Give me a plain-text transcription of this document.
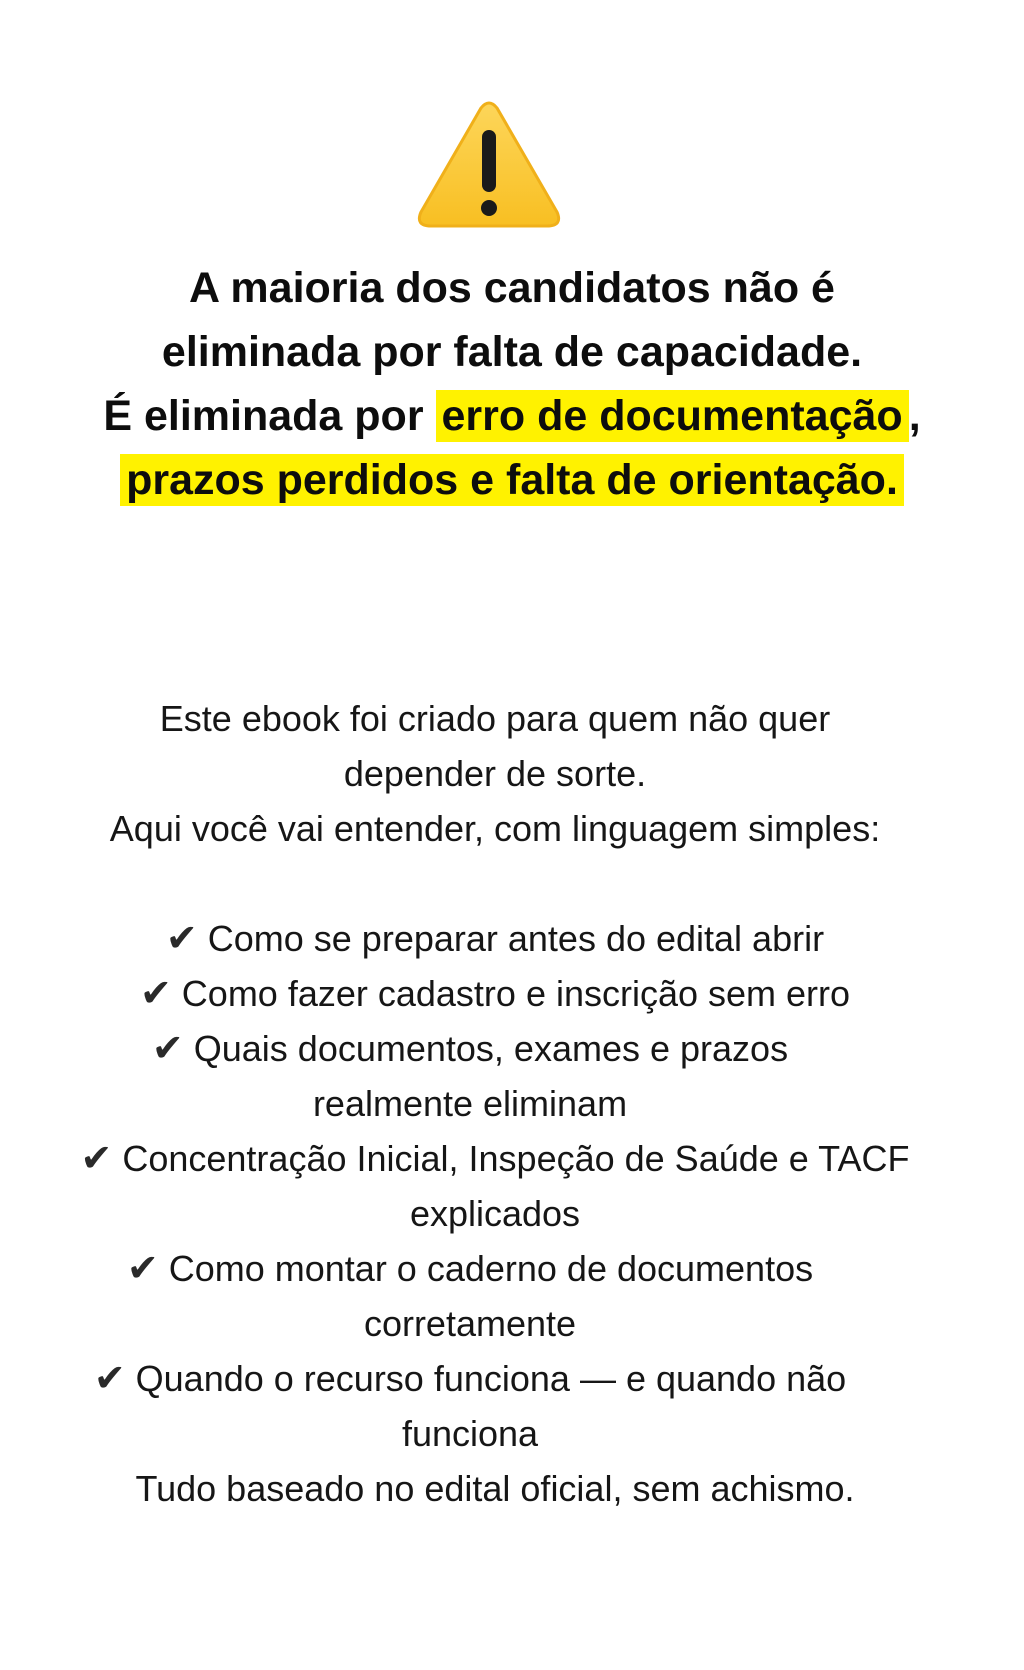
A maioria dos candidatos não é
eliminada por falta de capacidade.
É eliminada por erro de documentação ,
prazos perdidos e falta de orientação.

Este ebook foi criado para quem não quer depender de sorte.

Aqui você vai entender, com linguagem simples:

✔ Como se preparar antes do edital abrir

✔ Como fazer cadastro e inscrição sem erro

✔ Quais documentos, exames e prazos realmente eliminam

✔ Concentração Inicial, Inspeção de Saúde e TACF explicados

✔ Como montar o caderno de documentos corretamente

✔ Quando o recurso funciona — e quando não funciona

Tudo baseado no edital oficial, sem achismo.
